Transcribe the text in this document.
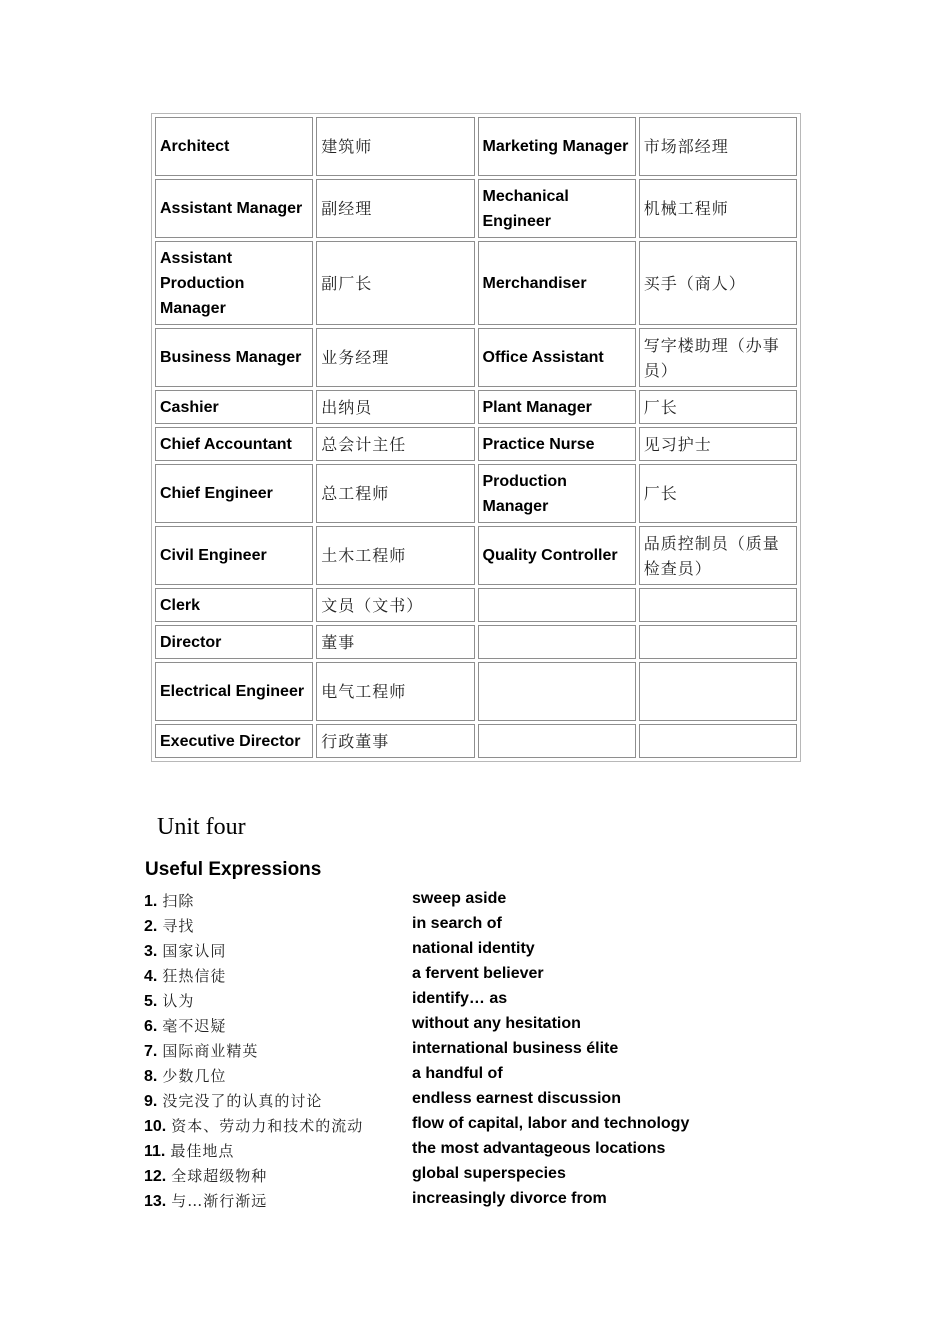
Architect	建筑师	Marketing Manager	市场部经理
Assistant Manager	副经理	Mechanical Engineer	机械工程师
Assistant Production Manager	副厂长	Merchandiser	买手（商人）
Business Manager	业务经理	Office Assistant	写字楼助理（办事员）
Cashier	出纳员	Plant Manager	厂长
Chief Accountant	总会计主任	Practice Nurse	见习护士
Chief Engineer	总工程师	Production Manager	厂长
Civil Engineer	土木工程师	Quality Controller	品质控制员（质量检查员）
Clerk	文员（文书）		
Director	董事		
Electrical Engineer	电气工程师		
Executive Director	行政董事		
Unit four
Useful Expressions
1. 扫除	sweep aside
2. 寻找	in search of
3. 国家认同	national identity
4. 狂热信徒	a fervent believer
5. 认为	identify… as
6. 毫不迟疑	without any hesitation
7. 国际商业精英	international business élite
8. 少数几位	a handful of
9. 没完没了的认真的讨论	endless earnest discussion
10. 资本、劳动力和技术的流动	flow of capital, labor and technology
11. 最佳地点	the most advantageous locations
12. 全球超级物种	global superspecies
13. 与…渐行渐远	increasingly divorce from
